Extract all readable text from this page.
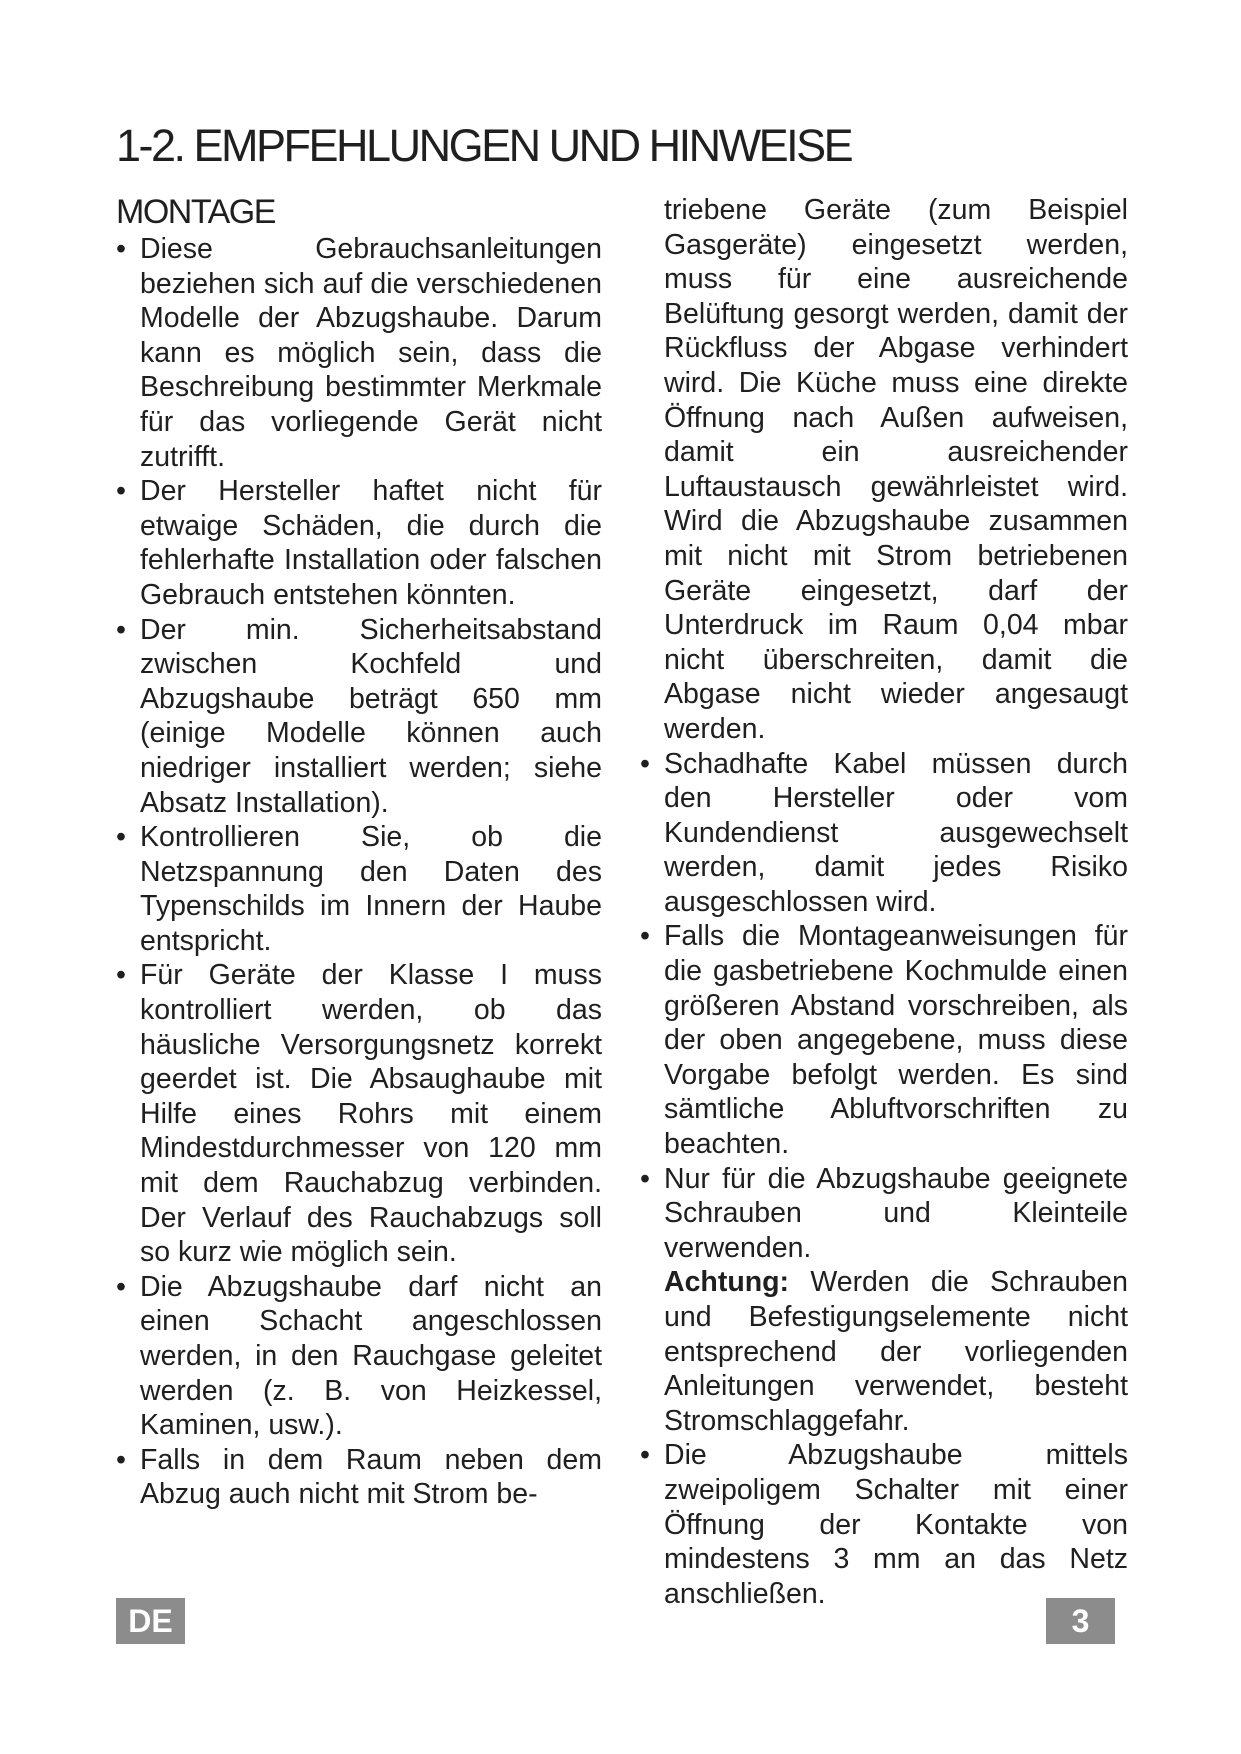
1-2. EMPFEHLUNGEN UND HINWEISE
MONTAGE
• Diese Gebrauchsanleitungen beziehen sich auf die verschiedenen Modelle der Abzugshaube. Darum kann es möglich sein, dass die Beschreibung bestimmter Merkmale für das vorliegende Gerät nicht zutrifft.
• Der Hersteller haftet nicht für etwaige Schäden, die durch die fehlerhafte Installation oder falschen Gebrauch entstehen könnten.
• Der min. Sicherheitsabstand zwischen Kochfeld und Abzugshaube beträgt 650 mm (einige Modelle können auch niedriger installiert werden; siehe Absatz Installation).
• Kontrollieren Sie, ob die Netzspannung den Daten des Typenschilds im Innern der Haube entspricht.
• Für Geräte der Klasse I muss kontrolliert werden, ob das häusliche Versorgungsnetz korrekt geerdet ist. Die Absaughaube mit Hilfe eines Rohrs mit einem Mindestdurchmesser von 120 mm mit dem Rauchabzug verbinden. Der Verlauf des Rauchabzugs soll so kurz wie möglich sein.
• Die Abzugshaube darf nicht an einen Schacht angeschlossen werden, in den Rauchgase geleitet werden (z. B. von Heizkessel, Kaminen, usw.).
• Falls in dem Raum neben dem Abzug auch nicht mit Strom be-
triebene Geräte (zum Beispiel Gasgeräte) eingesetzt werden, muss für eine ausreichende Belüftung gesorgt werden, damit der Rückfluss der Abgase verhindert wird. Die Küche muss eine direkte Öffnung nach Außen aufweisen, damit ein ausreichender Luftaustausch gewährleistet wird. Wird die Abzugshaube zusammen mit nicht mit Strom betriebenen Geräte eingesetzt, darf der Unterdruck im Raum 0,04 mbar nicht überschreiten, damit die Abgase nicht wieder angesaugt werden.
• Schadhafte Kabel müssen durch den Hersteller oder vom Kundendienst ausgewechselt werden, damit jedes Risiko ausgeschlossen wird.
• Falls die Montageanweisungen für die gasbetriebene Kochmulde einen größeren Abstand vorschreiben, als der oben angegebene, muss diese Vorgabe befolgt werden. Es sind sämtliche Abluftvorschriften zu beachten.
• Nur für die Abzugshaube geeignete Schrauben und Kleinteile verwenden.
Achtung: Werden die Schrauben und Befestigungselemente nicht entsprechend der vorliegenden Anleitungen verwendet, besteht Stromschlaggefahr.
• Die Abzugshaube mittels zweipoligem Schalter mit einer Öffnung der Kontakte von mindestens 3 mm an das Netz anschließen.
DE	3
